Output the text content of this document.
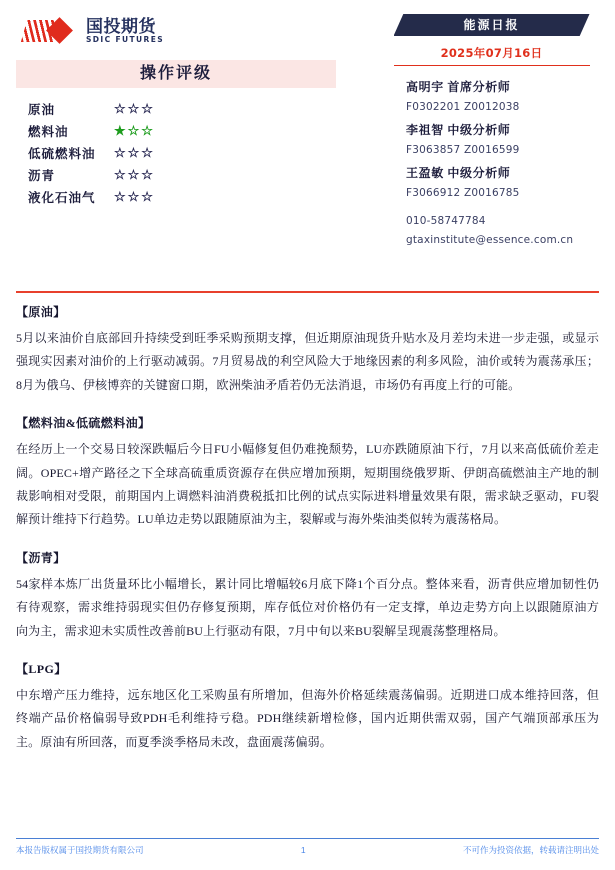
国投期货
SDIC FUTURES
操作评级
原油	☆☆☆
燃料油	★☆☆
低硫燃料油	☆☆☆
沥青	☆☆☆
液化石油气	☆☆☆
能源日报
2025年07月16日
高明宇 首席分析师
F0302201 Z0012038
李祖智 中级分析师
F3063857 Z0016599
王盈敏 中级分析师
F3066912 Z0016785
010-58747784
gtaxinstitute@essence.com.cn
【原油】
5月以来油价自底部回升持续受到旺季采购预期支撑，但近期原油现货升贴水及月差均未进一步走强，或显示强现实因素对油价的上行驱动减弱。7月贸易战的利空风险大于地缘因素的利多风险，油价或转为震荡承压；8月为俄乌、伊核博弈的关键窗口期，欧洲柴油矛盾若仍无法消退，市场仍有再度上行的可能。
【燃料油&低硫燃料油】
在经历上一个交易日较深跌幅后今日FU小幅修复但仍难挽颓势，LU亦跌随原油下行，7月以来高低硫价差走阔。OPEC+增产路径之下全球高硫重质资源存在供应增加预期，短期围绕俄罗斯、伊朗高硫燃油主产地的制裁影响相对受限，前期国内上调燃料油消费税抵扣比例的试点实际进料增量效果有限，需求缺乏驱动，FU裂解预计维持下行趋势。LU单边走势以跟随原油为主，裂解或与海外柴油类似转为震荡格局。
【沥青】
54家样本炼厂出货量环比小幅增长，累计同比增幅较6月底下降1个百分点。整体来看，沥青供应增加韧性仍有待观察，需求维持弱现实但仍存修复预期，库存低位对价格仍有一定支撑，单边走势方向上以跟随原油方向为主，需求迎未实质性改善前BU上行驱动有限，7月中旬以来BU裂解呈现震荡整理格局。
【LPG】
中东增产压力维持，远东地区化工采购虽有所增加，但海外价格延续震荡偏弱。近期进口成本维持回落，但终端产品价格偏弱导致PDH毛利维持亏稳。PDH继续新增检修，国内近期供需双弱，国产气端顶部承压为主。原油有所回落，而夏季淡季格局未改，盘面震荡偏弱。
本报告版权属于国投期货有限公司	1	不可作为投资依据，转载请注明出处
